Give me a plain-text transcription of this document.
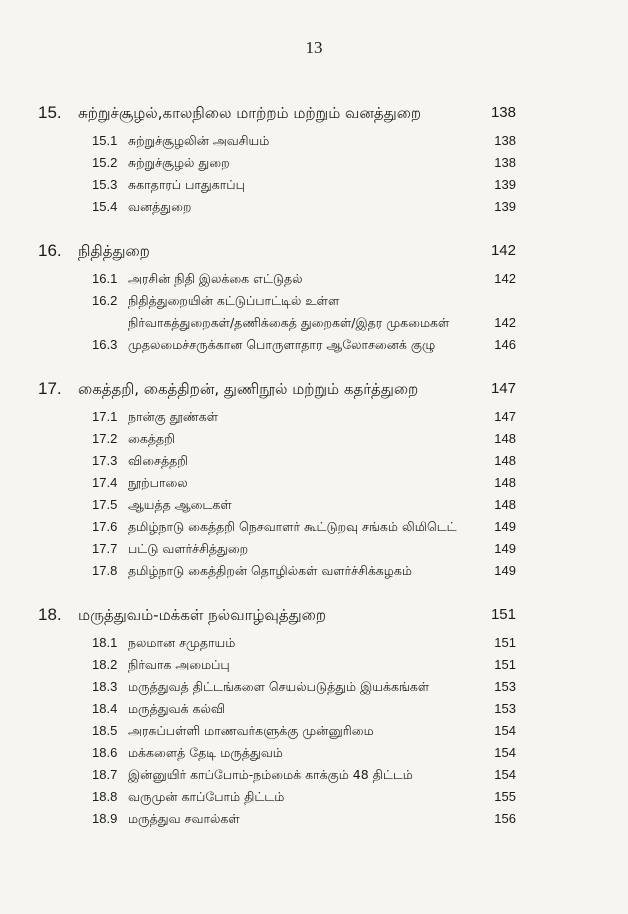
13
15. சுற்றுச்சூழல்,காலநிலை மாற்றம் மற்றும் வனத்துறை	138
15.1 சுற்றுச்சூழலின் அவசியம்	138
15.2 சுற்றுச்சூழல் துறை	138
15.3 சுகாதாரப் பாதுகாப்பு	139
15.4 வனத்துறை	139
16. நிதித்துறை	142
16.1 அரசின் நிதி இலக்கை எட்டுதல்	142
16.2 நிதித்துறையின் கட்டுப்பாட்டில் உள்ள
நிர்வாகத்துறைகள்/தணிக்கைத் துறைகள்/இதர முகமைகள்	142
16.3 முதலமைச்சருக்கான பொருளாதார ஆலோசனைக் குழு	146
17. கைத்தறி, கைத்திறன், துணிநூல் மற்றும் கதர்த்துறை	147
17.1 நான்கு தூண்கள்	147
17.2 கைத்தறி	148
17.3 விசைத்தறி	148
17.4 நூற்பாலை	148
17.5 ஆயத்த ஆடைகள்	148
17.6 தமிழ்நாடு கைத்தறி நெசவாளர் கூட்டுறவு சங்கம் லிமிடெட்	149
17.7 பட்டு வளர்ச்சித்துறை	149
17.8 தமிழ்நாடு கைத்திறன் தொழில்கள் வளர்ச்சிக்கழகம்	149
18. மருத்துவம்-மக்கள் நல்வாழ்வுத்துறை	151
18.1 நலமான சமுதாயம்	151
18.2 நிர்வாக அமைப்பு	151
18.3 மருத்துவத் திட்டங்களை செயல்படுத்தும் இயக்கங்கள்	153
18.4 மருத்துவக் கல்வி	153
18.5 அரசுப்பள்ளி மாணவர்களுக்கு முன்னுரிமை	154
18.6 மக்களைத் தேடி மருத்துவம்	154
18.7 இன்னுயிர் காப்போம்-நம்மைக் காக்கும் 48 திட்டம்	154
18.8 வருமுன் காப்போம் திட்டம்	155
18.9 மருத்துவ சவால்கள்	156
